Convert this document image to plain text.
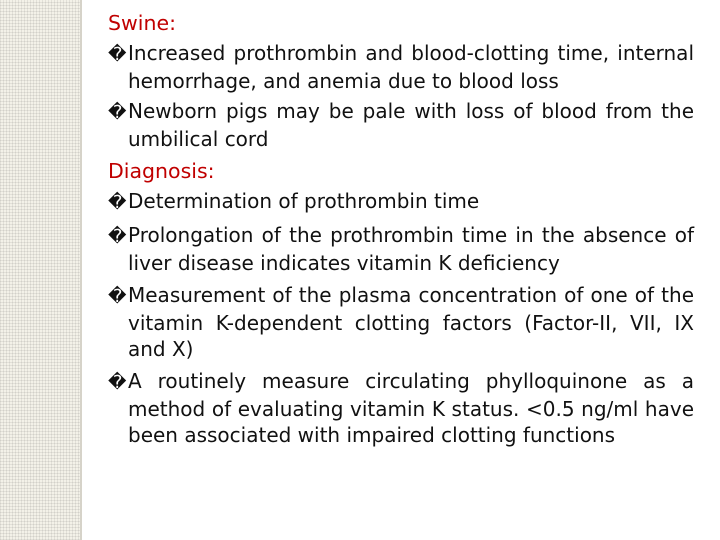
Swine:
�Increased prothrombin and blood-clotting time, internal hemorrhage, and anemia due to blood loss
�Newborn pigs may be pale with loss of blood from the umbilical cord
Diagnosis:
�Determination of prothrombin time
�Prolongation of the prothrombin time in the absence of liver disease indicates vitamin K deficiency
�Measurement of the plasma concentration of one of the vitamin K-dependent clotting factors (Factor-II, VII, IX and X)
�A routinely measure circulating phylloquinone as a method of evaluating vitamin K status. <0.5 ng/ml have been associated with impaired clotting functions
